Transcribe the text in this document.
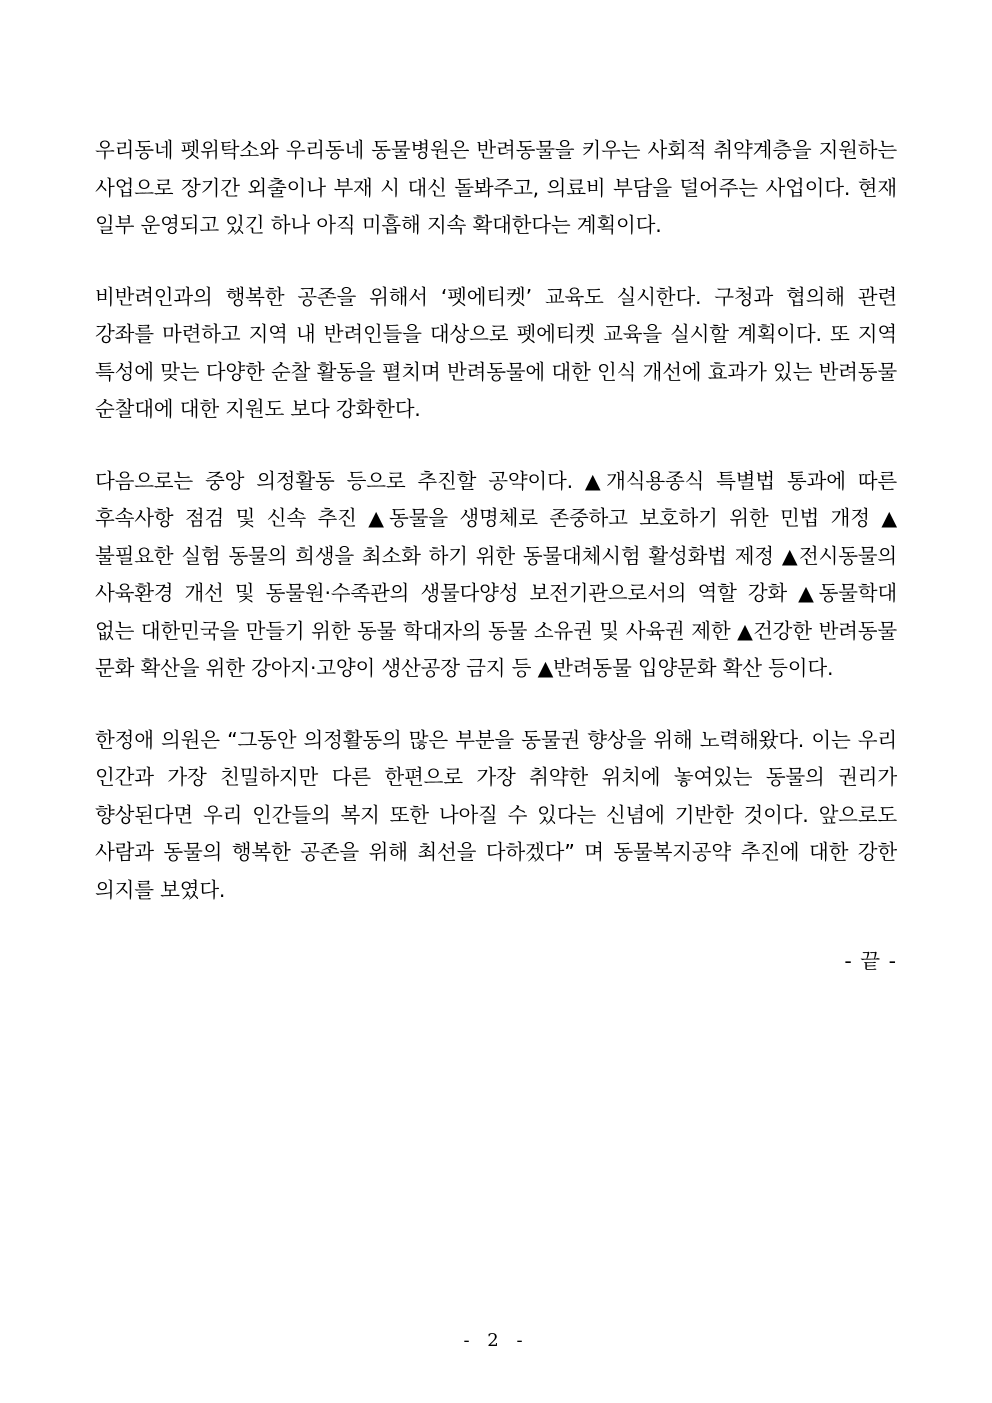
우리동네 펫위탁소와 우리동네 동물병원은 반려동물을 키우는 사회적 취약계층을 지원하는 사업으로 장기간 외출이나 부재 시 대신 돌봐주고, 의료비 부담을 덜어주는 사업이다. 현재 일부 운영되고 있긴 하나 아직 미흡해 지속 확대한다는 계획이다.

비반려인과의 행복한 공존을 위해서 ‘펫에티켓’ 교육도 실시한다. 구청과 협의해 관련 강좌를 마련하고 지역 내 반려인들을 대상으로 펫에티켓 교육을 실시할 계획이다. 또 지역 특성에 맞는 다양한 순찰 활동을 펼치며 반려동물에 대한 인식 개선에 효과가 있는 반려동물 순찰대에 대한 지원도 보다 강화한다.

다음으로는 중앙 의정활동 등으로 추진할 공약이다. ▲개식용종식 특별법 통과에 따른 후속사항 점검 및 신속 추진 ▲동물을 생명체로 존중하고 보호하기 위한 민법 개정 ▲불필요한 실험 동물의 희생을 최소화 하기 위한 동물대체시험 활성화법 제정 ▲전시동물의 사육환경 개선 및 동물원·수족관의 생물다양성 보전기관으로서의 역할 강화 ▲동물학대 없는 대한민국을 만들기 위한 동물 학대자의 동물 소유권 및 사육권 제한 ▲건강한 반려동물 문화 확산을 위한 강아지·고양이 생산공장 금지 등 ▲반려동물 입양문화 확산 등이다.

한정애 의원은 “그동안 의정활동의 많은 부분을 동물권 향상을 위해 노력해왔다. 이는 우리 인간과 가장 친밀하지만 다른 한편으로 가장 취약한 위치에 놓여있는 동물의 권리가 향상된다면 우리 인간들의 복지 또한 나아질 수 있다는 신념에 기반한 것이다. 앞으로도 사람과 동물의 행복한 공존을 위해 최선을 다하겠다” 며 동물복지공약 추진에 대한 강한 의지를 보였다.

- 끝 -

- 2 -
